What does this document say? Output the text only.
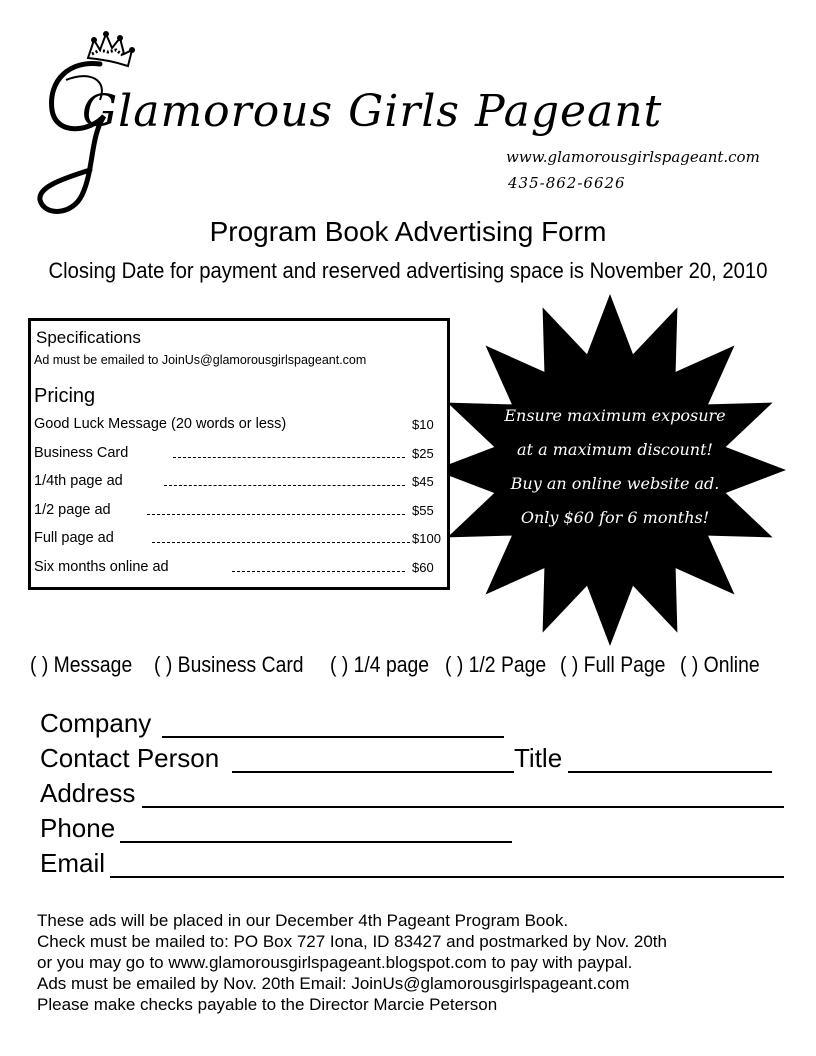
Glamorous Girls Pageant
www.glamorousgirlspageant.com
435-862-6626
Program Book Advertising Form
Closing Date for payment and reserved advertising space is November 20, 2010
Specifications
Ad must be emailed to JoinUs@glamorousgirlspageant.com
Pricing
Good Luck Message (20 words or less)	$10
Business Card	$25
1/4th page ad	$45
1/2 page ad	$55
Full page ad	$100
Six months online ad	$60
Ensure maximum exposure
at a maximum discount!
Buy an online website ad.
Only $60 for 6 months!
( ) Message ( ) Business Card ( ) 1/4 page ( ) 1/2 Page ( ) Full Page ( ) Online
Company
Contact Person	Title
Address
Phone
Email
These ads will be placed in our December 4th Pageant Program Book.
Check must be mailed to: PO Box 727 Iona, ID 83427 and postmarked by Nov. 20th
or you may go to www.glamorousgirlspageant.blogspot.com to pay with paypal.
Ads must be emailed by Nov. 20th Email: JoinUs@glamorousgirlspageant.com
Please make checks payable to the Director Marcie Peterson
